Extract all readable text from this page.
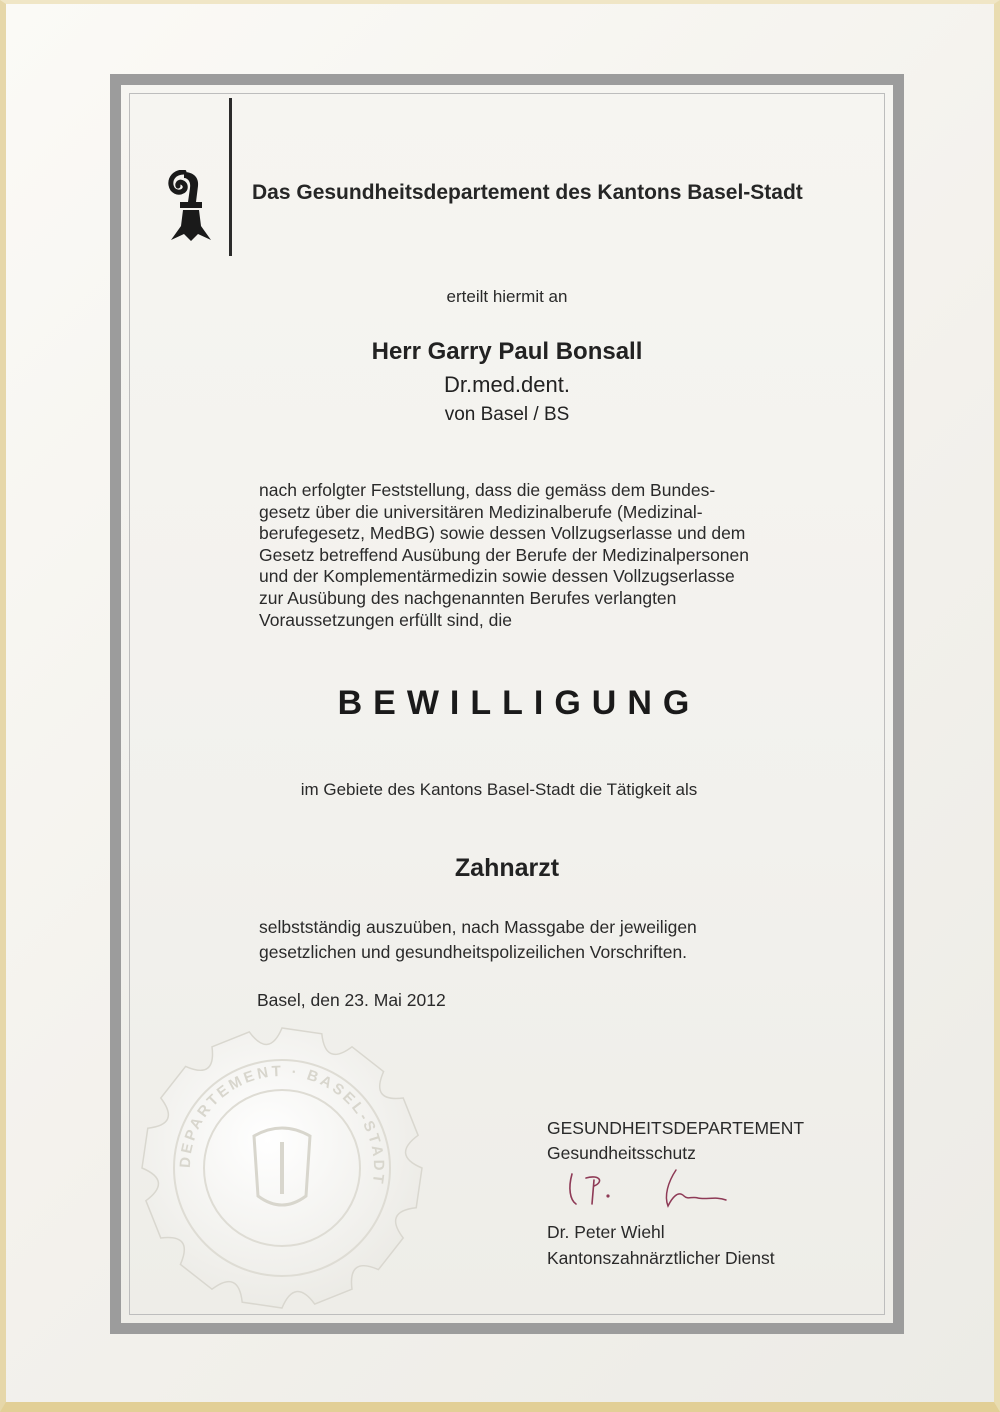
Das Gesundheitsdepartement des Kantons Basel-Stadt
erteilt hiermit an
Herr Garry Paul Bonsall
Dr.med.dent.
von Basel / BS
nach erfolgter Feststellung, dass die gemäss dem Bundes-
gesetz über die universitären Medizinalberufe (Medizinal-
berufegesetz, MedBG) sowie dessen Vollzugserlasse und dem
Gesetz betreffend Ausübung der Berufe der Medizinalpersonen
und der Komplementärmedizin sowie dessen Vollzugserlasse
zur Ausübung des nachgenannten Berufes verlangten
Voraussetzungen erfüllt sind, die
BEWILLIGUNG
im Gebiete des Kantons Basel-Stadt die Tätigkeit als
Zahnarzt
selbstständig auszuüben, nach Massgabe der jeweiligen
gesetzlichen und gesundheitspolizeilichen Vorschriften.
Basel, den 23. Mai 2012
DEPARTEMENT · BASEL-STADT
GESUNDHEITSDEPARTEMENT
Gesundheitsschutz
Dr. Peter Wiehl
Kantonszahnärztlicher Dienst
